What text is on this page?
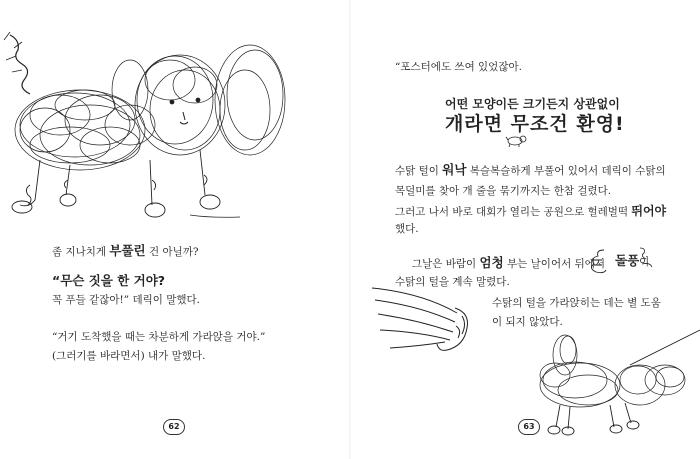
좀 지나치게 부풀린 건 아닐까?
“무슨 짓을 한 거야?
꼭 푸들 같잖아!” 데릭이 말했다.
“거기 도착했을 때는 차분하게 가라앉을 거야.”
(그러기를 바라면서) 내가 말했다.
62
“포스터에도 쓰여 있었잖아.
어떤 모양이든 크기든지 상관없이
개라면 무조건 환영!
수탉 털이 워낙 복슬복슬하게 부풀어 있어서 데릭이 수탉의
목덜미를 찾아 개 줄을 묶기까지는 한참 걸렸다.
그러고 나서 바로 대회가 열리는 공원으로 헐레벌떡 뛰어야
했다.
그날은 바람이 엄청 부는 날이어서 뒤에서 돌풍이
수탉의 털을 계속 말렸다.
수탉의 털을 가라앉히는 데는 별 도움
이 되지 않았다.
63
